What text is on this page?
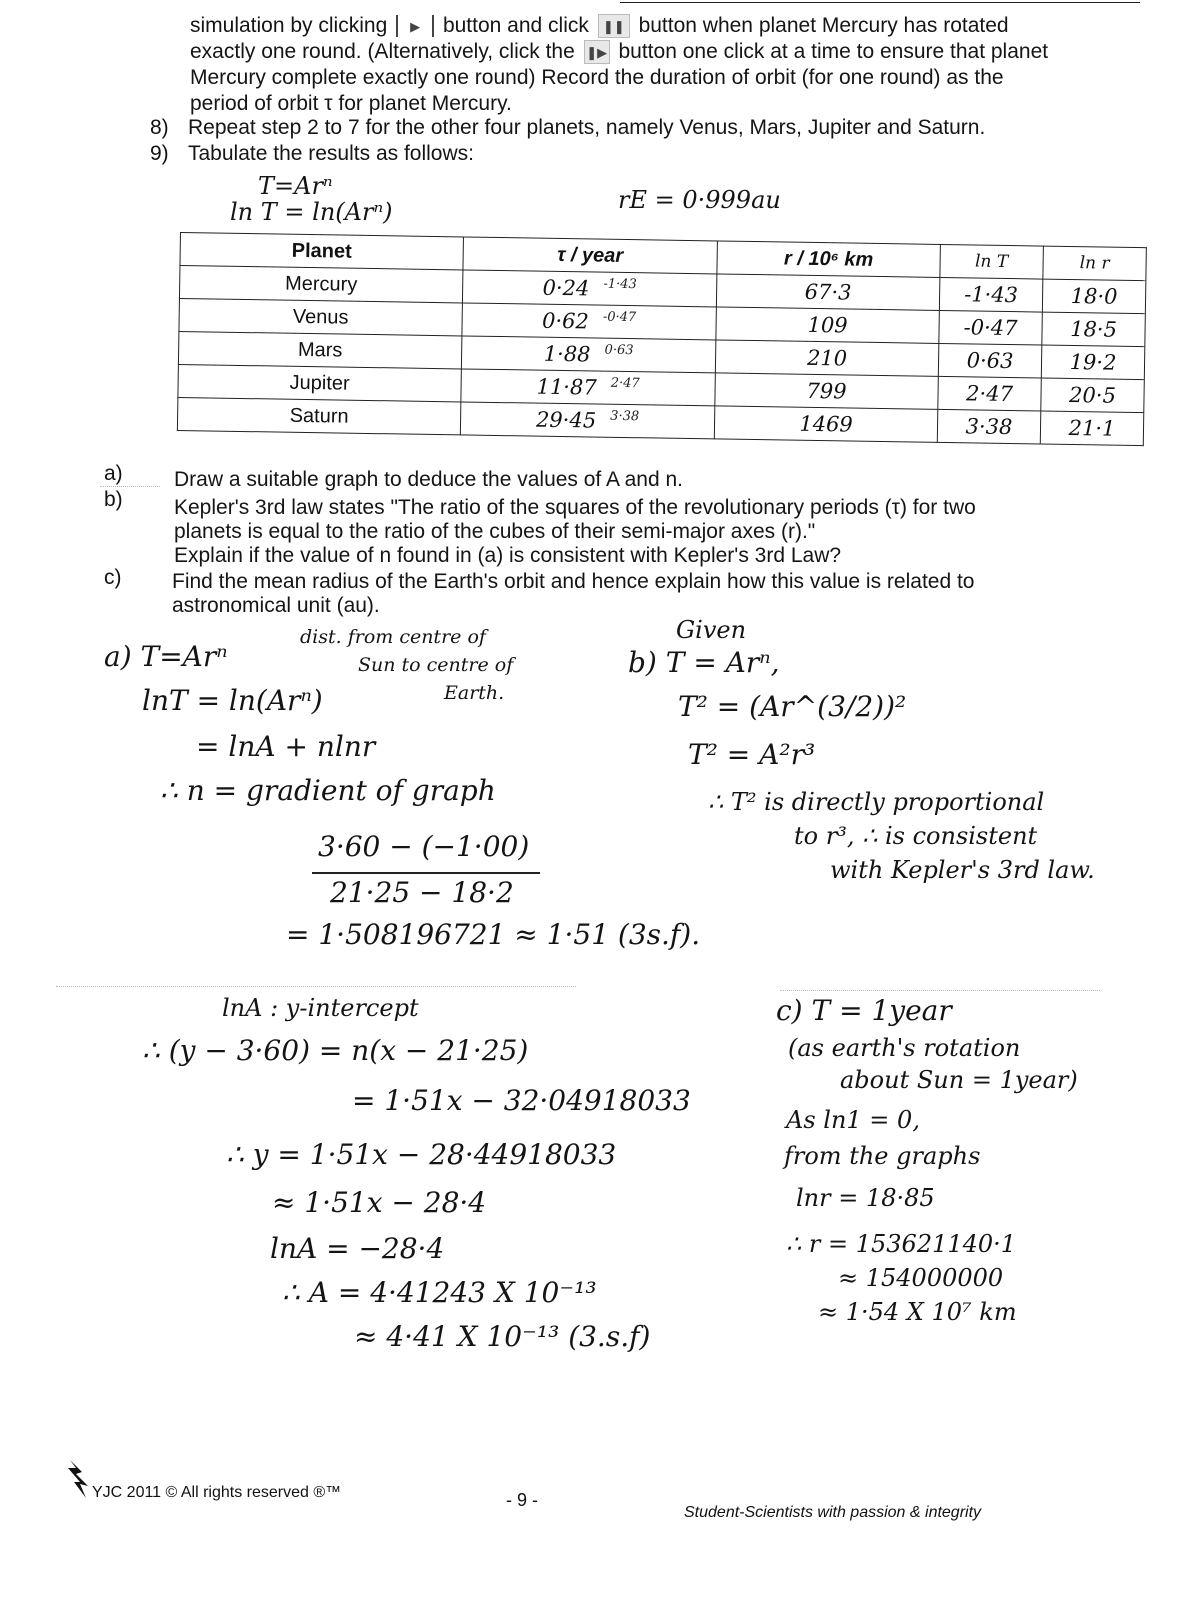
simulation by clicking ▶ button and click ❚❚ button when planet Mercury has rotated
exactly one round. (Alternatively, click the ❚▶ button one click at a time to ensure that planet
Mercury complete exactly one round) Record the duration of orbit (for one round) as the
period of orbit τ for planet Mercury.
8) Repeat step 2 to 7 for the other four planets, namely Venus, Mars, Jupiter and Saturn.
9) Tabulate the results as follows:
T=Arⁿ
ln T = ln(Arⁿ)	rE = 0·999au
Planet	τ / year	r / 10⁶ km	ln T	ln r
Mercury	0·24 $^{-1\cdot 43}$	67·3	-1·43	18·0
Venus	0·62 $^{-0\cdot 47}$	109	-0·47	18·5
Mars	1·88 $^{0\cdot 63}$	210	0·63	19·2
Jupiter	11·87 $^{2\cdot 47}$	799	2·47	20·5
Saturn	29·45 $^{3\cdot 38}$	1469	3·38	21·1
a) Draw a suitable graph to deduce the values of A and n.
b) Kepler's 3rd law states "The ratio of the squares of the revolutionary periods (τ) for two
planets is equal to the ratio of the cubes of their semi-major axes (r)."
Explain if the value of n found in (a) is consistent with Kepler's 3rd Law?
c) Find the mean radius of the Earth's orbit and hence explain how this value is related to
astronomical unit (au).
dist. from centre of
Sun to centre of
Earth.
a) T=Arⁿ
lnT = ln(Arⁿ)
= lnA + nlnr
∴ n = gradient of graph
3·60 − (−1·00)
21·25 − 18·2
= 1·508196721 ≈ 1·51 (3s.f).
lnA : y-intercept
∴ (y − 3·60) = n(x − 21·25)
= 1·51x − 32·04918033
∴ y = 1·51x − 28·44918033
≈ 1·51x − 28·4
lnA = −28·4
∴ A = 4·41243 X 10⁻¹³
≈ 4·41 X 10⁻¹³ (3.s.f)
Given
b) T = Arⁿ,
T² = (Ar^(3/2))²
T² = A²r³
∴ T² is directly proportional
to r³, ∴ is consistent
with Kepler's 3rd law.
c) T = 1year
(as earth's rotation
about Sun = 1year)
As ln1 = 0,
from the graphs
lnr = 18·85
∴ r = 153621140·1
≈ 154000000
≈ 1·54 X 10⁷ km
YJC 2011 © All rights reserved ®™	- 9 -
Student-Scientists with passion & integrity
